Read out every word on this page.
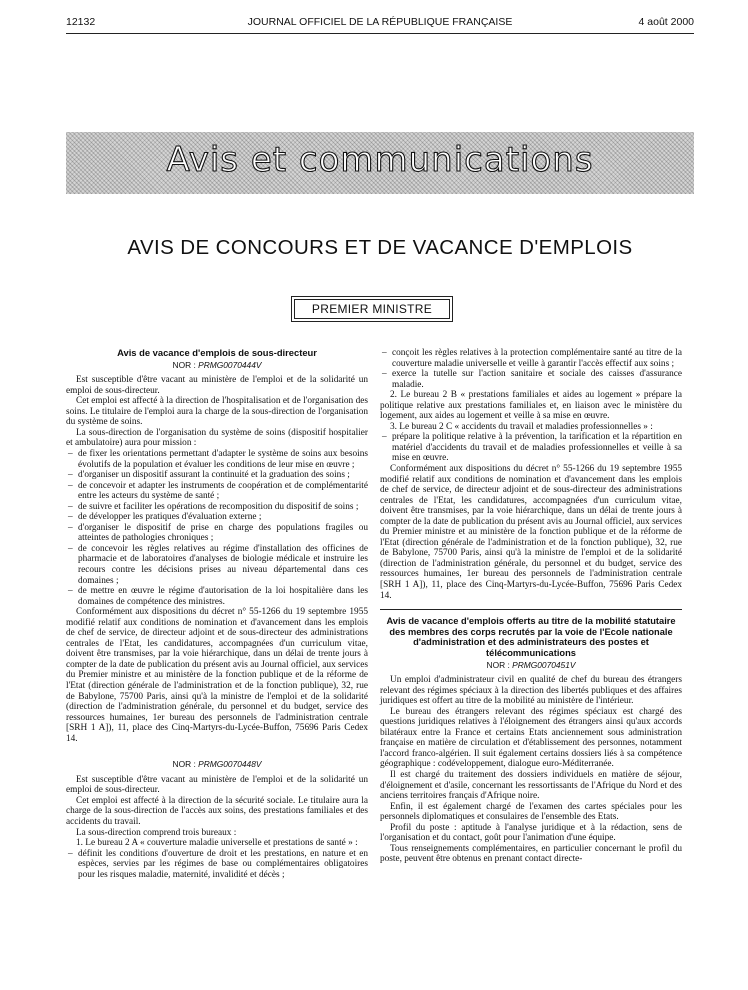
12132	JOURNAL OFFICIEL DE LA RÉPUBLIQUE FRANÇAISE	4 août 2000
Avis et communications
AVIS DE CONCOURS ET DE VACANCE D'EMPLOIS
PREMIER MINISTRE

Avis de vacance d'emplois de sous-directeur

NOR : PRMG0070444V

Est susceptible d'être vacant au ministère de l'emploi et de la solidarité un emploi de sous-directeur.

Cet emploi est affecté à la direction de l'hospitalisation et de l'organisation des soins. Le titulaire de l'emploi aura la charge de la sous-direction de l'organisation du système de soins.

La sous-direction de l'organisation du système de soins (dispositif hospitalier et ambulatoire) aura pour mission :

– de fixer les orientations permettant d'adapter le système de soins aux besoins évolutifs de la population et évaluer les conditions de leur mise en œuvre ;
– d'organiser un dispositif assurant la continuité et la graduation des soins ;
– de concevoir et adapter les instruments de coopération et de complémentarité entre les acteurs du système de santé ;
– de suivre et faciliter les opérations de recomposition du dispositif de soins ;
– de développer les pratiques d'évaluation externe ;
– d'organiser le dispositif de prise en charge des populations fragiles ou atteintes de pathologies chroniques ;
– de concevoir les règles relatives au régime d'installation des officines de pharmacie et de laboratoires d'analyses de biologie médicale et instruire les recours contre les décisions prises au niveau départemental dans ces domaines ;
– de mettre en œuvre le régime d'autorisation de la loi hospitalière dans les domaines de compétence des ministres.

Conformément aux dispositions du décret n° 55-1266 du 19 septembre 1955 modifié relatif aux conditions de nomination et d'avancement dans les emplois de chef de service, de directeur adjoint et de sous-directeur des administrations centrales de l'Etat, les candidatures, accompagnées d'un curriculum vitae, doivent être transmises, par la voie hiérarchique, dans un délai de trente jours à compter de la date de publication du présent avis au Journal officiel, aux services du Premier ministre et au ministère de la fonction publique et de la réforme de l'Etat (direction générale de l'administration et de la fonction publique), 32, rue de Babylone, 75700 Paris, ainsi qu'à la ministre de l'emploi et de la solidarité (direction de l'administration générale, du personnel et du budget, service des ressources humaines, 1er bureau des personnels de l'administration centrale [SRH 1 A]), 11, place des Cinq-Martyrs-du-Lycée-Buffon, 75696 Paris Cedex 14.

NOR : PRMG0070448V

Est susceptible d'être vacant au ministère de l'emploi et de la solidarité un emploi de sous-directeur.

Cet emploi est affecté à la direction de la sécurité sociale. Le titulaire aura la charge de la sous-direction de l'accès aux soins, des prestations familiales et des accidents du travail.

La sous-direction comprend trois bureaux :

1. Le bureau 2 A « couverture maladie universelle et prestations de santé » :

– définit les conditions d'ouverture de droit et les prestations, en nature et en espèces, servies par les régimes de base ou complémentaires obligatoires pour les risques maladie, maternité, invalidité et décès ;
– conçoit les règles relatives à la protection complémentaire santé au titre de la couverture maladie universelle et veille à garantir l'accès effectif aux soins ;
– exerce la tutelle sur l'action sanitaire et sociale des caisses d'assurance maladie.

2. Le bureau 2 B « prestations familiales et aides au logement » prépare la politique relative aux prestations familiales et, en liaison avec le ministère du logement, aux aides au logement et veille à sa mise en œuvre.

3. Le bureau 2 C « accidents du travail et maladies professionnelles » :

– prépare la politique relative à la prévention, la tarification et la répartition en matériel d'accidents du travail et de maladies professionnelles et veille à sa mise en œuvre.

Conformément aux dispositions du décret n° 55-1266 du 19 septembre 1955 modifié relatif aux conditions de nomination et d'avancement dans les emplois de chef de service, de directeur adjoint et de sous-directeur des administrations centrales de l'Etat, les candidatures, accompagnées d'un curriculum vitae, doivent être transmises, par la voie hiérarchique, dans un délai de trente jours à compter de la date de publication du présent avis au Journal officiel, aux services du Premier ministre et au ministère de la fonction publique et de la réforme de l'Etat (direction générale de l'administration et de la fonction publique), 32, rue de Babylone, 75700 Paris, ainsi qu'à la ministre de l'emploi et de la solidarité (direction de l'administration générale, du personnel et du budget, service des ressources humaines, 1er bureau des personnels de l'administration centrale [SRH 1 A]), 11, place des Cinq-Martyrs-du-Lycée-Buffon, 75696 Paris Cedex 14.

Avis de vacance d'emplois offerts au titre de la mobilité statutaire des membres des corps recrutés par la voie de l'Ecole nationale d'administration et des administrateurs des postes et télécommunications

NOR : PRMG0070451V

Un emploi d'administrateur civil en qualité de chef du bureau des étrangers relevant des régimes spéciaux à la direction des libertés publiques et des affaires juridiques est offert au titre de la mobilité au ministère de l'intérieur.

Le bureau des étrangers relevant des régimes spéciaux est chargé des questions juridiques relatives à l'éloignement des étrangers ainsi qu'aux accords bilatéraux entre la France et certains Etats anciennement sous administration française en matière de circulation et d'établissement des personnes, notamment l'accord franco-algérien. Il suit également certains dossiers liés à sa compétence géographique : codéveloppement, dialogue euro-Méditerranée.

Il est chargé du traitement des dossiers individuels en matière de séjour, d'éloignement et d'asile, concernant les ressortissants de l'Afrique du Nord et des anciens territoires français d'Afrique noire.

Enfin, il est également chargé de l'examen des cartes spéciales pour les personnels diplomatiques et consulaires de l'ensemble des Etats.

Profil du poste : aptitude à l'analyse juridique et à la rédaction, sens de l'organisation et du contact, goût pour l'animation d'une équipe.

Tous renseignements complémentaires, en particulier concernant le profil du poste, peuvent être obtenus en prenant contact directe-
